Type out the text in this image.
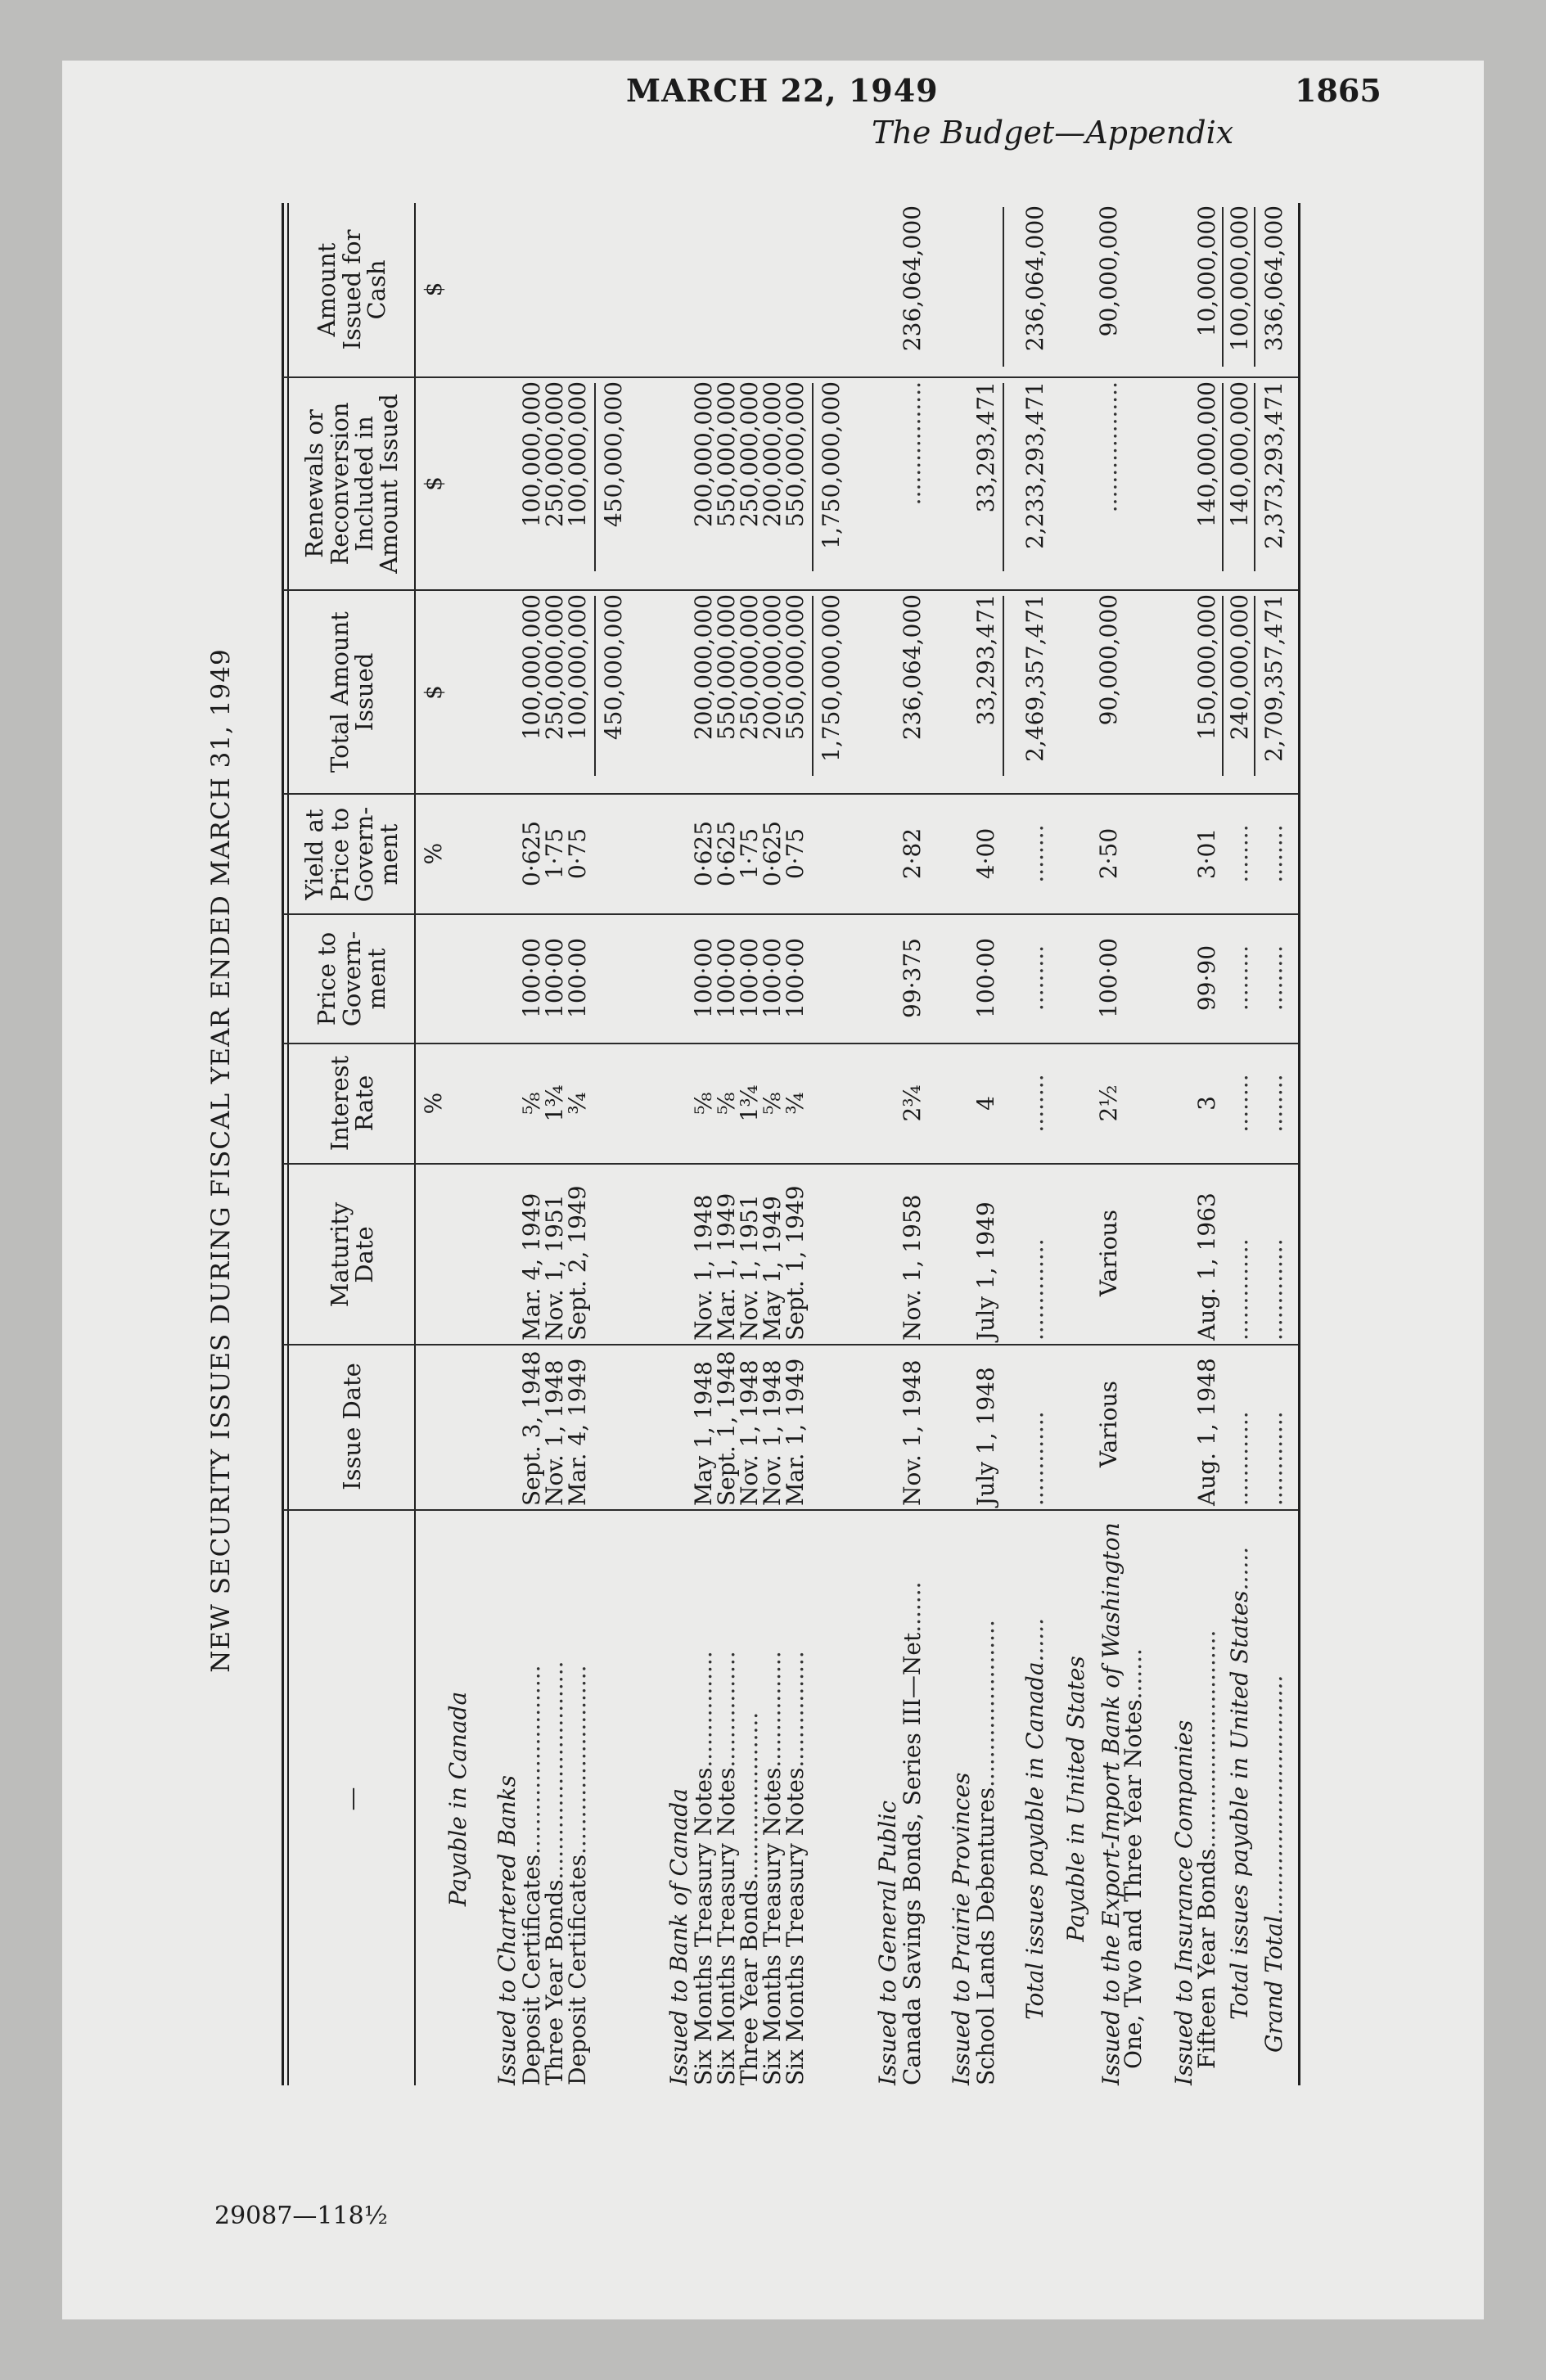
MARCH 22, 1949	1865
The Budget—Appendix
29087—118½
NEW SECURITY ISSUES DURING FISCAL YEAR ENDED MARCH 31, 1949
—
Issue Date
Maturity Date
Interest Rate
Price to Govern-ment
Yield at Price to Govern-ment
Total Amount Issued
Renewals or Reconversion Included in Amount Issued
Amount Issued for Cash
%
%
$
$
$
Payable in Canada Issued to Chartered Banks
Deposit Certificates..........................
Sept. 3, 1948
Mar. 4, 1949
⅝
100·00
0·625
100,000,000
100,000,000
Three Year Bonds..............................
Nov. 1, 1948
Nov. 1, 1951
1¾
100·00
1·75
250,000,000
250,000,000
Deposit Certificates..........................
Mar. 4, 1949
Sept. 2, 1949
¾
100·00
0·75
100,000,000
100,000,000
450,000,000
450,000,000
Issued to Bank of Canada
Six Months Treasury Notes................
May 1, 1948
Nov. 1, 1948
⅝
100·00
0·625
200,000,000
200,000,000
Six Months Treasury Notes................
Sept. 1, 1948
Mar. 1, 1949
⅝
100·00
0·625
550,000,000
550,000,000
Three Year Bonds.......................
Nov. 1, 1948
Nov. 1, 1951
1¾
100·00
1·75
250,000,000
250,000,000
Six Months Treasury Notes................
Nov. 1, 1948
May 1, 1949
⅝
100·00
0·625
200,000,000
200,000,000
Six Months Treasury Notes................
Mar. 1, 1949
Sept. 1, 1949
¾
100·00
0·75
550,000,000
550,000,000
1,750,000,000
1,750,000,000
Issued to General Public
Canada Savings Bonds, Series III—Net.......
Nov. 1, 1948
Nov. 1, 1958
2¾
99·375
2·82
236,064,000
.................
236,064,000
Issued to Prairie Provinces
School Lands Debentures.......................
July 1, 1948
July 1, 1949
4
100·00
4·00
33,293,471
33,293,471
Total issues payable in Canada......
.............
..............
........
.........
........
2,469,357,471
2,233,293,471
236,064,000
Payable in United States Issued to the Export-Import Bank of Washington
One, Two and Three Year Notes.......
Various
Various
2½
100·00
2·50
90,000,000
..................
90,000,000
Issued to Insurance Companies
Fifteen Year Bonds..............................
Aug. 1, 1948
Aug. 1, 1963
3
99·90
3·01
150,000,000
140,000,000
10,000,000
Total issues payable in United States......
.............
..............
........
.........
........
240,000,000
140,000,000
100,000,000
Grand Total.................................
.............
..............
........
.........
........
2,709,357,471
2,373,293,471
336,064,000
